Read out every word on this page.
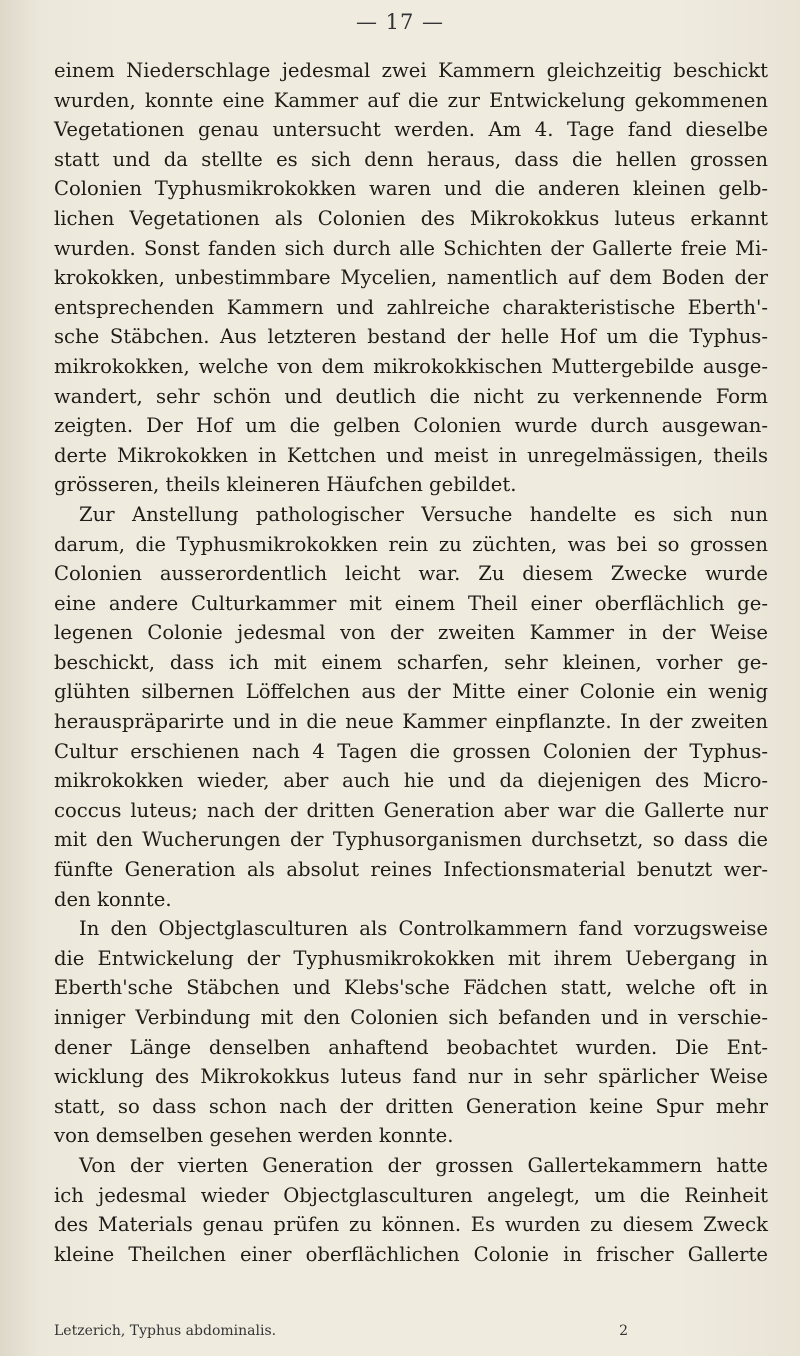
— 17 —
einem Niederschlage jedesmal zwei Kammern gleichzeitig beschickt
wurden, konnte eine Kammer auf die zur Entwickelung gekommenen
Vegetationen genau untersucht werden. Am 4. Tage fand dieselbe
statt und da stellte es sich denn heraus, dass die hellen grossen
Colonien Typhusmikrokokken waren und die anderen kleinen gelb-
lichen Vegetationen als Colonien des Mikrokokkus luteus erkannt
wurden. Sonst fanden sich durch alle Schichten der Gallerte freie Mi-
krokokken, unbestimmbare Mycelien, namentlich auf dem Boden der
entsprechenden Kammern und zahlreiche charakteristische Eberth'-
sche Stäbchen. Aus letzteren bestand der helle Hof um die Typhus-
mikrokokken, welche von dem mikrokokkischen Muttergebilde ausge-
wandert, sehr schön und deutlich die nicht zu verkennende Form
zeigten. Der Hof um die gelben Colonien wurde durch ausgewan-
derte Mikrokokken in Kettchen und meist in unregelmässigen, theils
grösseren, theils kleineren Häufchen gebildet.
Zur Anstellung pathologischer Versuche handelte es sich nun
darum, die Typhusmikrokokken rein zu züchten, was bei so grossen
Colonien ausserordentlich leicht war. Zu diesem Zwecke wurde
eine andere Culturkammer mit einem Theil einer oberflächlich ge-
legenen Colonie jedesmal von der zweiten Kammer in der Weise
beschickt, dass ich mit einem scharfen, sehr kleinen, vorher ge-
glühten silbernen Löffelchen aus der Mitte einer Colonie ein wenig
herauspräparirte und in die neue Kammer einpflanzte. In der zweiten
Cultur erschienen nach 4 Tagen die grossen Colonien der Typhus-
mikrokokken wieder, aber auch hie und da diejenigen des Micro-
coccus luteus; nach der dritten Generation aber war die Gallerte nur
mit den Wucherungen der Typhusorganismen durchsetzt, so dass die
fünfte Generation als absolut reines Infectionsmaterial benutzt wer-
den konnte.
In den Objectglasculturen als Controlkammern fand vorzugsweise
die Entwickelung der Typhusmikrokokken mit ihrem Uebergang in
Eberth'sche Stäbchen und Klebs'sche Fädchen statt, welche oft in
inniger Verbindung mit den Colonien sich befanden und in verschie-
dener Länge denselben anhaftend beobachtet wurden. Die Ent-
wicklung des Mikrokokkus luteus fand nur in sehr spärlicher Weise
statt, so dass schon nach der dritten Generation keine Spur mehr
von demselben gesehen werden konnte.
Von der vierten Generation der grossen Gallertekammern hatte
ich jedesmal wieder Objectglasculturen angelegt, um die Reinheit
des Materials genau prüfen zu können. Es wurden zu diesem Zweck
kleine Theilchen einer oberflächlichen Colonie in frischer Gallerte
Letzerich, Typhus abdominalis.	2
